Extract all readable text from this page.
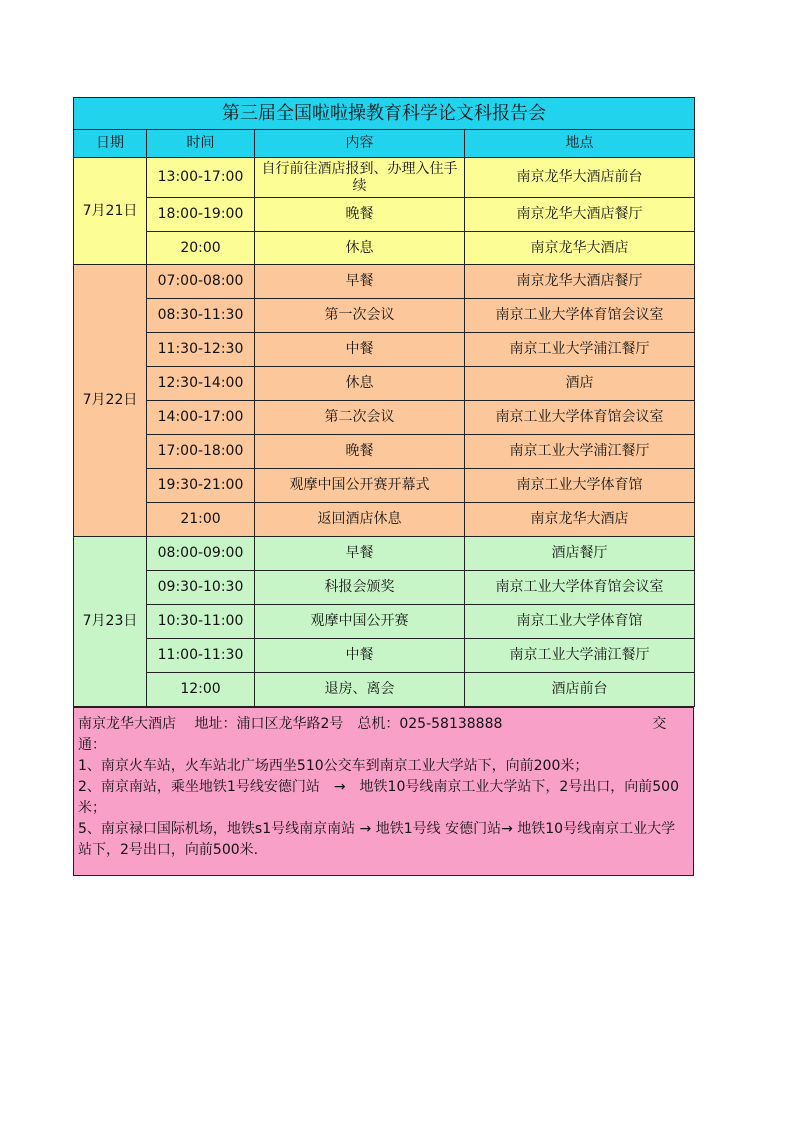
第三届全国啦啦操教育科学论文科报告会			
日期	时间	内容	地点
7月21日	13:00-17:00	自行前往酒店报到、办理入住手续	南京龙华大酒店前台
	18:00-19:00	晚餐	南京龙华大酒店餐厅
	20:00	休息	南京龙华大酒店
7月22日	07:00-08:00	早餐	南京龙华大酒店餐厅
	08:30-11:30	第一次会议	南京工业大学体育馆会议室
	11:30-12:30	中餐	南京工业大学浦江餐厅
	12:30-14:00	休息	酒店
	14:00-17:00	第二次会议	南京工业大学体育馆会议室
	17:00-18:00	晚餐	南京工业大学浦江餐厅
	19:30-21:00	观摩中国公开赛开幕式	南京工业大学体育馆
	21:00	返回酒店休息	南京龙华大酒店
7月23日	08:00-09:00	早餐	酒店餐厅
	09:30-10:30	科报会颁奖	南京工业大学体育馆会议室
	10:30-11:00	观摩中国公开赛	南京工业大学体育馆
	11:00-11:30	中餐	南京工业大学浦江餐厅
	12:00	退房、离会	酒店前台
南京龙华大酒店　 地址：浦口区龙华路2号　总机：025-58138888	交通：
1、南京火车站，火车站北广场西坐510公交车到南京工业大学站下，向前200米；
2、南京南站，乘坐地铁1号线安德门站　→　地铁10号线南京工业大学站下，2号出口，向前500米；
5、南京禄口国际机场，地铁s1号线南京南站 → 地铁1号线 安德门站→ 地铁10号线南京工业大学站下，2号出口，向前500米.
